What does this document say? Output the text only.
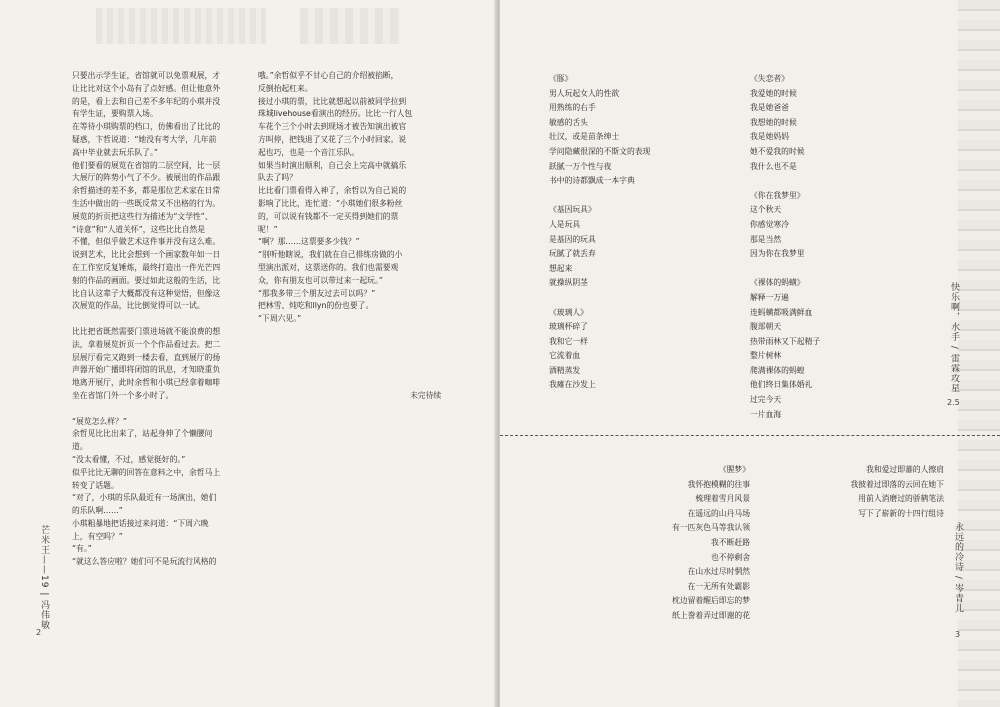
只要出示学生证，省馆就可以免票观展，才

让比比对这个小岛有了点好感。但让他意外

的是，看上去和自己差不多年纪的小琪并没

有学生证，要购票入场。

在等待小琪购票的档口，仿佛看出了比比的

疑惑，卞哲说道：“她没有考大学，几年前

高中毕业就去玩乐队了。”

他们要看的展览在省馆的二层空间，比一层

大展厅的阵势小气了不少。被展出的作品跟

余哲描述的差不多，都是那位艺术家在日常

生活中做出的一些既反常又不出格的行为。

展览的折页把这些行为描述为“文学性”、

“诗意”和“人道关怀”，这些比比自然是

不懂，但似乎做艺术这件事并没有这么难。

说到艺术，比比会想到一个画家数年如一日

在工作室反复锤炼，最终打造出一件光芒四

射的作品的画面。要过如此这般的生活，比

比自认这辈子大概都没有这种觉悟，但像这

次展览的作品，比比倒觉得可以一试。

比比把省既然需要门票进场就不能浪费的想

法，拿着展览折页一个个作品看过去。把二

层展厅看完又跑到一楼去看，直到展厅的扬

声器开始广播即将闭馆的讯息，才知晓重负

地离开展厅，此时余哲和小琪已经拿着咖啡

坐在省馆门外一个多小时了。

“展览怎么样？”

余哲见比比出来了，站起身伸了个懒腰问

道。

“没太看懂，不过，感觉挺好的。”

似乎比比无聊的回答在意料之中，余哲马上

转变了话题。

“对了，小琪的乐队最近有一场演出，她们

的乐队啊……”

小琪粗暴地把话接过来问道：“下周六晚

上，有空吗？”

“有。”

“就这么答应啦？她们可不是玩流行风格的

哦。”余哲似乎不甘心自己的介绍被掐断，

反倒抬起杠来。

接过小琪的票，比比就想起以前被同学拉到

珠城livehouse看演出的经历。比比一行人包

车花个三个小时去到现场才被告知演出被官

方叫停，把钱退了又花了三个小时回家。说

起也巧，也是一个音江乐队。

如果当时演出顺利，自己会上完高中就搞乐

队去了吗？

比比看门票看得入神了，余哲以为自己说的

影响了比比，连忙道：“小琪她们很多粉丝

的，可以说有钱都不一定买得到她们的票

呢！”

“啊？那……这票要多少钱？”

“别听他瞎说，我们就在自己排练房做的小

型演出派对，这票送你的。我们也需要观

众，你有朋友也可以带过来一起玩。”

“那我多带三个朋友过去可以吗？”

把林雪、炖吃和llyn的份也要了。

“下周六见。”

未完待续
芒米王——19 | 冯伟敏
2
《豚》
男人玩起女人的性欲
用熟练的右手
敏感的舌头
壮汉，或是苗条绅士
学问隐藏很深的不斯文的表现
跃腻一万个性与夜
书中的诗都飘成一本字典
《基因玩具》
人是玩具
是基因的玩具
玩腻了就丢弃
想起来
就操纵阴茎
《玻璃人》
玻璃杯碎了
我和它一样
它流着血
酒精蒸发
我瘫在沙发上
《失恋者》
我爱她的时候
我是她爸爸
我想她的时候
我是她妈妈
她不爱我的时候
我什么也不是
《你在我梦里》
这个秋天
你感觉寒冷
那是当然
因为你在我梦里
《裸体的蚂蟥》
解释一万遍
连蚂蟥都吸满鲜血
腹部朝天
热带雨林又下起精子
整片树林
爬满裸体的蚂蝗
他们终日集体婚礼
过完今天
一片血海
快乐啊，水手 / 雷霖攻星
2.5
《腥梦》
我怀抱模糊的往事
梳理着雪月风景
在遥远的山丹马场
有一匹灰色马等我认领
我不断赶路
也不停剩舍
在山水过尽时惘然
在一无所有处霸影
枕边留着醒后即忘的梦
纸上誊着弄过即谢的花
我和爱过即蕃的人擦肩
我披着过即落的云回在她下
用前人消磨过的骄鹤笔法
写下了崭新的十四行组诗
永远的冷诗 / 岑青儿
3
